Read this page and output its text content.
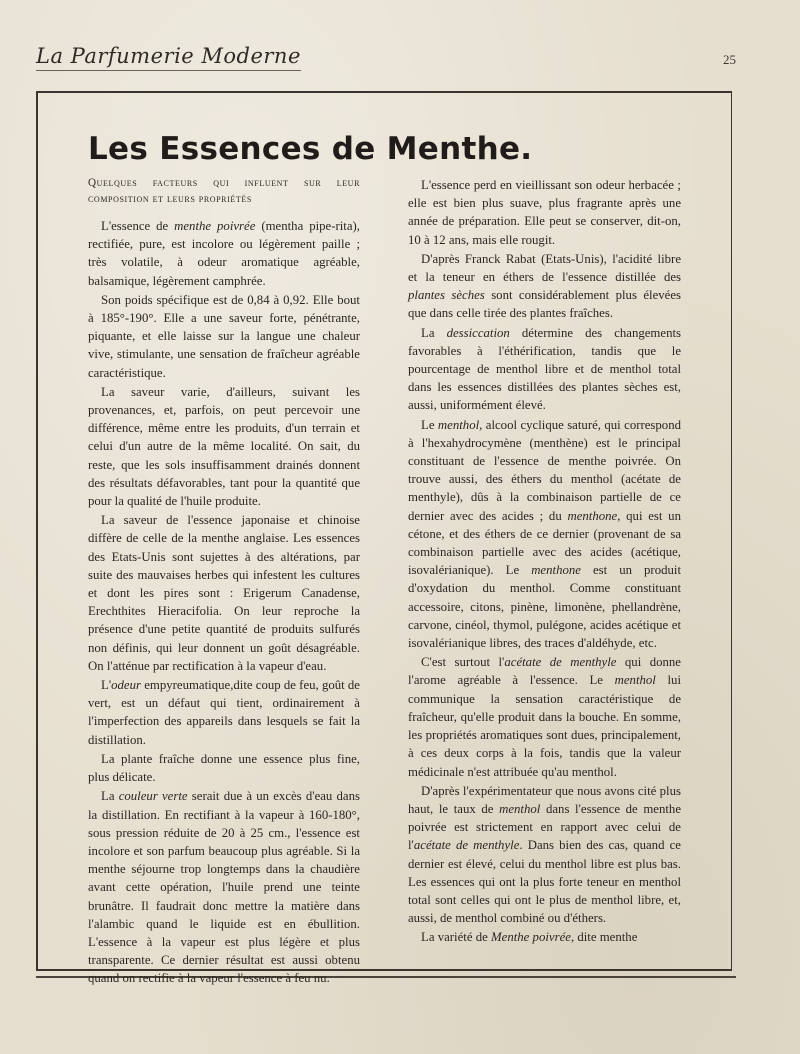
La Parfumerie Moderne	25
Les Essences de Menthe.
Quelques facteurs qui influent sur leur composition et leurs propriétés

L'essence de menthe poivrée (mentha pipe-rita), rectifiée, pure, est incolore ou légèrement paille ; très volatile, à odeur aromatique agréable, balsamique, légèrement camphrée.

Son poids spécifique est de 0,84 à 0,92. Elle bout à 185°-190°. Elle a une saveur forte, pénétrante, piquante, et elle laisse sur la langue une chaleur vive, stimulante, une sensation de fraîcheur agréable caractéristique.

La saveur varie, d'ailleurs, suivant les provenances, et, parfois, on peut percevoir une différence, même entre les produits, d'un terrain et celui d'un autre de la même localité. On sait, du reste, que les sols insuffisamment drainés donnent des résultats défavorables, tant pour la quantité que pour la qualité de l'huile produite.

La saveur de l'essence japonaise et chinoise diffère de celle de la menthe anglaise. Les essences des Etats-Unis sont sujettes à des altérations, par suite des mauvaises herbes qui infestent les cultures et dont les pires sont : Erigerum Canadense, Erechthites Hieracifolia. On leur reproche la présence d'une petite quantité de produits sulfurés non définis, qui leur donnent un goût désagréable. On l'atténue par rectification à la vapeur d'eau.

L'odeur empyreumatique,dite coup de feu, goût de vert, est un défaut qui tient, ordinairement à l'imperfection des appareils dans lesquels se fait la distillation.

La plante fraîche donne une essence plus fine, plus délicate.

La couleur verte serait due à un excès d'eau dans la distillation. En rectifiant à la vapeur à 160-180°, sous pression réduite de 20 à 25 cm., l'essence est incolore et son parfum beaucoup plus agréable. Si la menthe séjourne trop longtemps dans la chaudière avant cette opération, l'huile prend une teinte brunâtre. Il faudrait donc mettre la matière dans l'alambic quand le liquide est en ébullition. L'essence à la vapeur est plus légère et plus transparente. Ce dernier résultat est aussi obtenu quand on rectifie à la vapeur l'essence à feu nu.

L'essence perd en vieillissant son odeur herbacée ; elle est bien plus suave, plus fragrante après une année de préparation. Elle peut se conserver, dit-on, 10 à 12 ans, mais elle rougit.

D'après Franck Rabat (Etats-Unis), l'acidité libre et la teneur en éthers de l'essence distillée des plantes sèches sont considérablement plus élevées que dans celle tirée des plantes fraîches.

La dessiccation détermine des changements favorables à l'éthérification, tandis que le pourcentage de menthol libre et de menthol total dans les essences distillées des plantes sèches est, aussi, uniformément élevé.

Le menthol, alcool cyclique saturé, qui correspond à l'hexahydrocymène (menthène) est le principal constituant de l'essence de menthe poivrée. On trouve aussi, des éthers du menthol (acétate de menthyle), dûs à la combinaison partielle de ce dernier avec des acides ; du menthone, qui est un cétone, et des éthers de ce dernier (provenant de sa combinaison partielle avec des acides (acétique, isovalérianique). Le menthone est un produit d'oxydation du menthol. Comme constituant accessoire, citons, pinène, limonène, phellandrène, carvone, cinéol, thymol, pulégone, acides acétique et isovalérianique libres, des traces d'aldéhyde, etc.

C'est surtout l'acétate de menthyle qui donne l'arome agréable à l'essence. Le menthol lui communique la sensation caractéristique de fraîcheur, qu'elle produit dans la bouche. En somme, les propriétés aromatiques sont dues, principalement, à ces deux corps à la fois, tandis que la valeur médicinale n'est attribuée qu'au menthol.

D'après l'expérimentateur que nous avons cité plus haut, le taux de menthol dans l'essence de menthe poivrée est strictement en rapport avec celui de l'acétate de menthyle. Dans bien des cas, quand ce dernier est élevé, celui du menthol libre est plus bas. Les essences qui ont la plus forte teneur en menthol total sont celles qui ont le plus de menthol libre, et, aussi, de menthol combiné ou d'éthers.

La variété de Menthe poivrée, dite menthe
